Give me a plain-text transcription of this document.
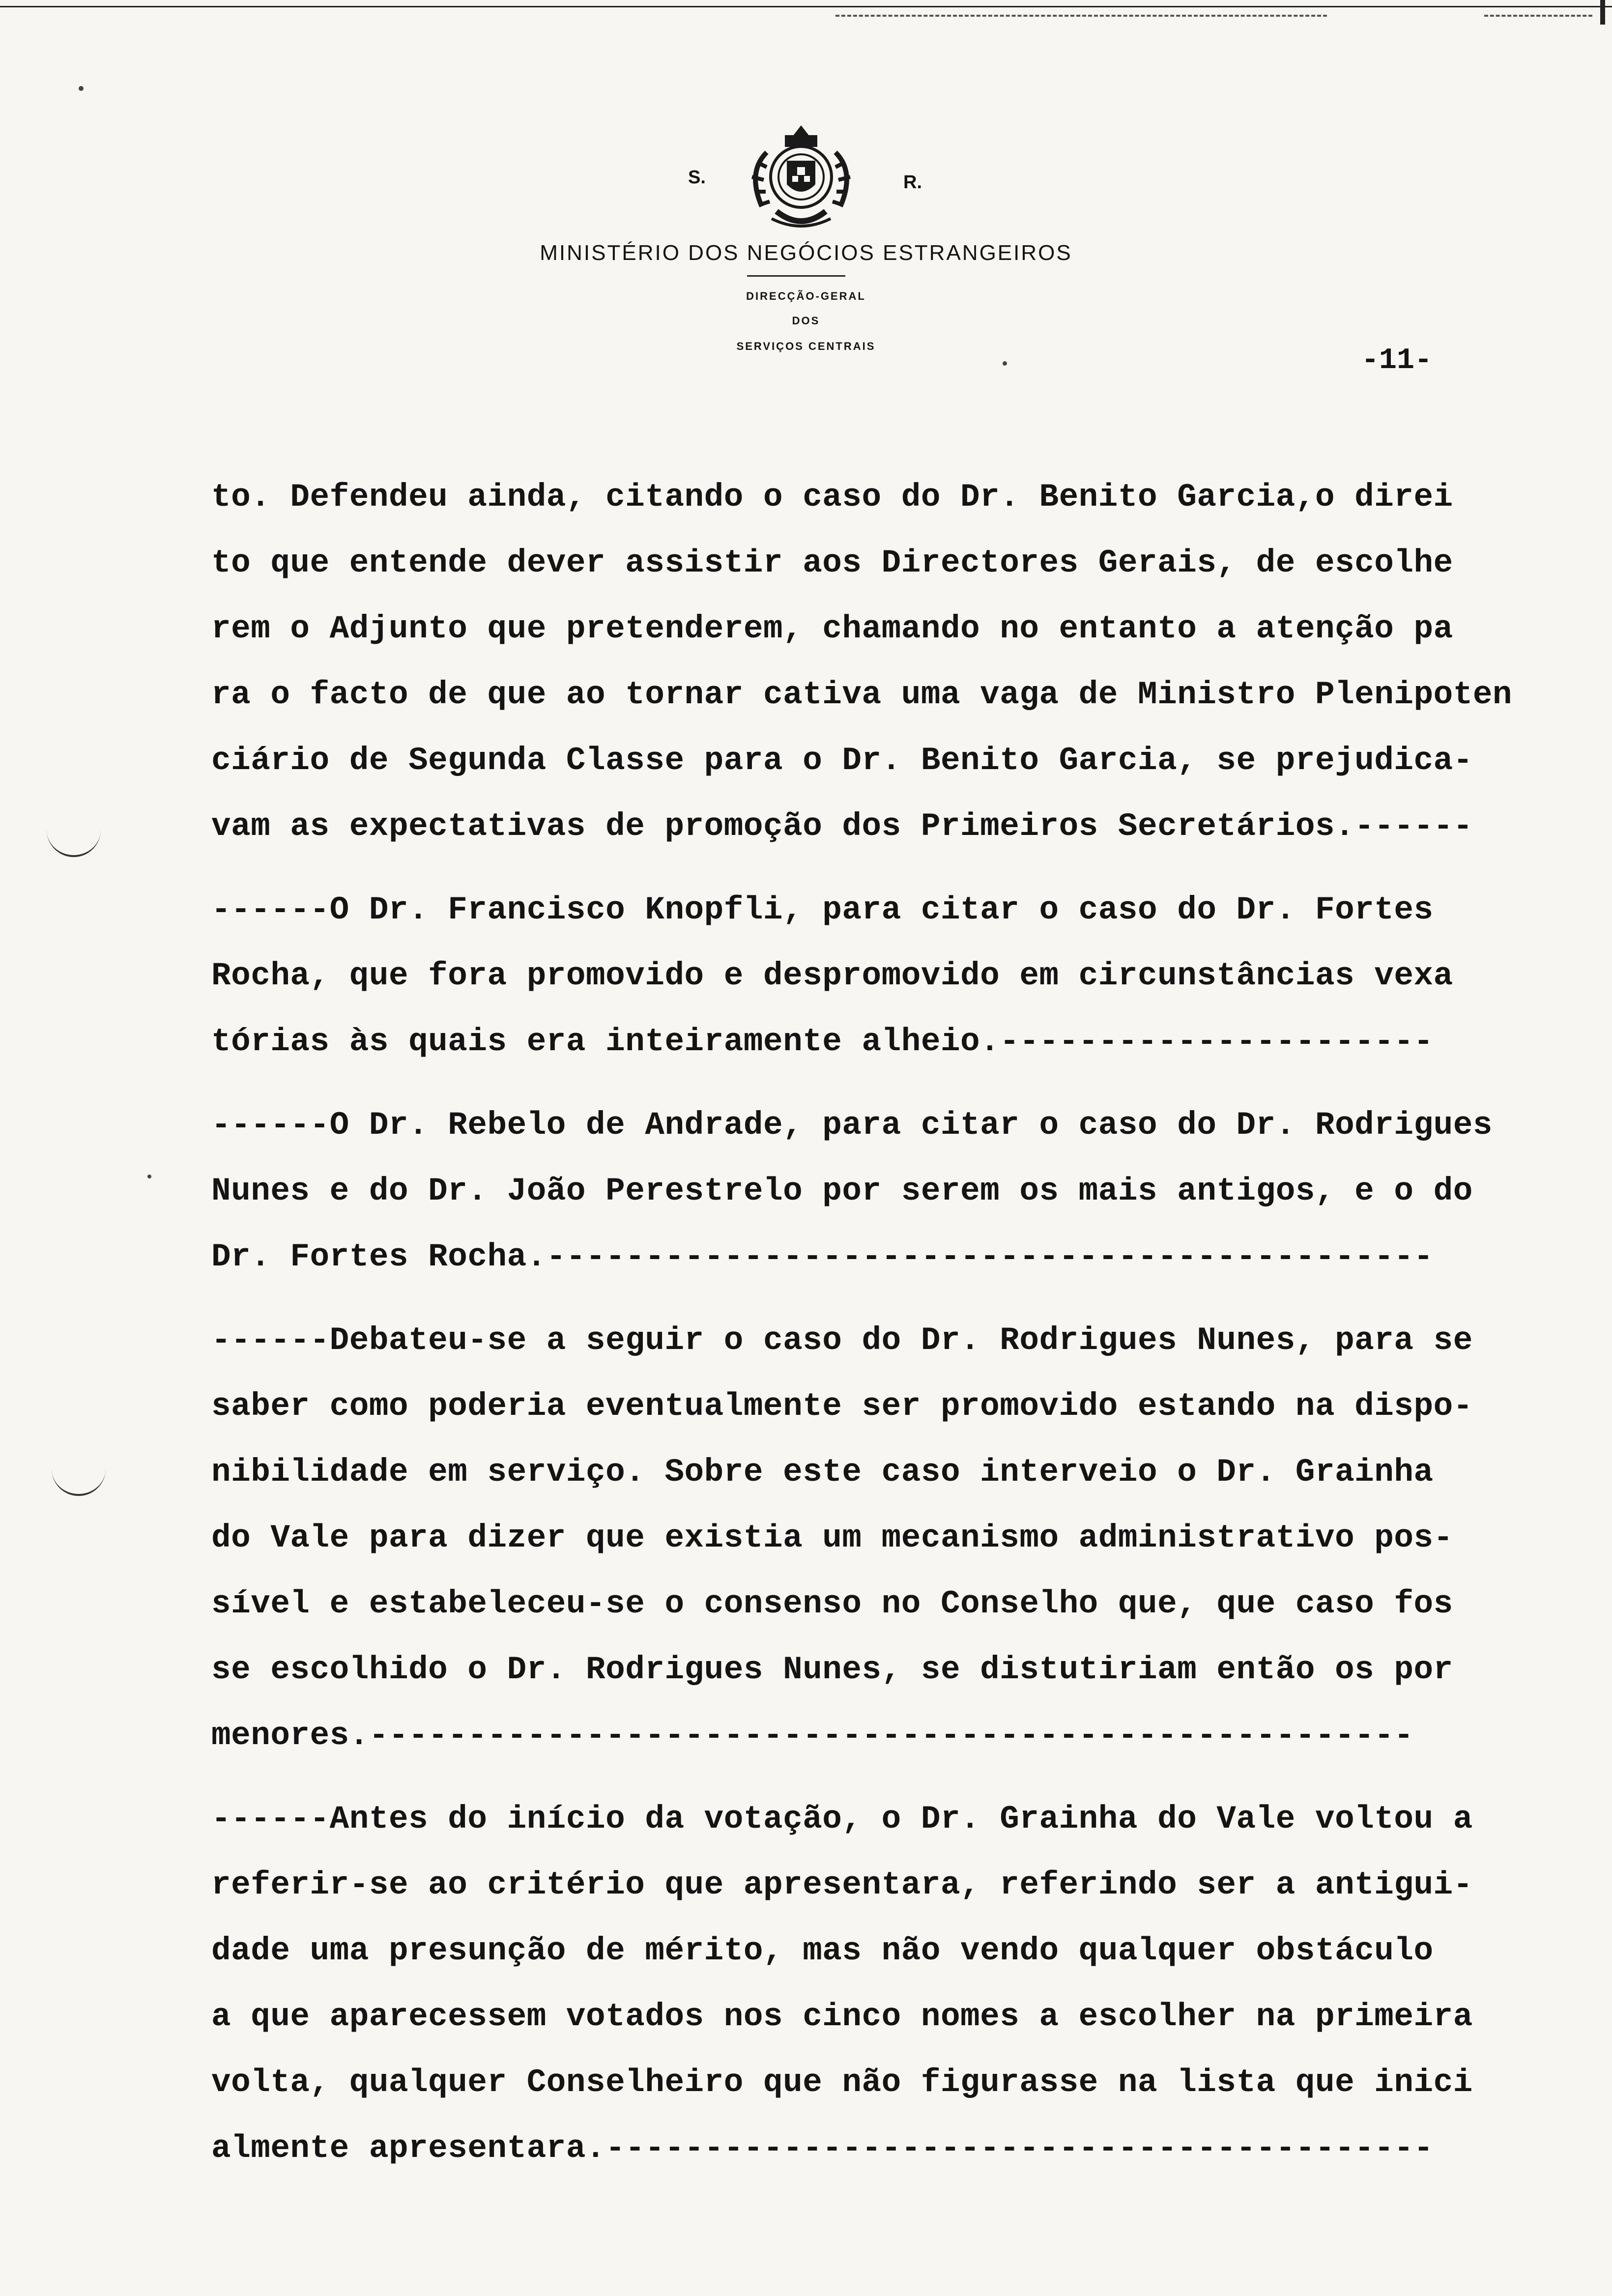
S.	R.
MINISTÉRIO DOS NEGÓCIOS ESTRANGEIROS
DIRECÇÃO-GERAL
DOS
SERVIÇOS CENTRAIS	-11-
to. Defendeu ainda, citando o caso do Dr. Benito Garcia,o direi
to que entende dever assistir aos Directores Gerais, de escolhe
rem o Adjunto que pretenderem, chamando no entanto a atenção pa
ra o facto de que ao tornar cativa uma vaga de Ministro Plenipoten
ciário de Segunda Classe para o Dr. Benito Garcia, se prejudica-
vam as expectativas de promoção dos Primeiros Secretários.------
------O Dr. Francisco Knopfli, para citar o caso do Dr. Fortes
Rocha, que fora promovido e despromovido em circunstâncias vexa
tórias às quais era inteiramente alheio.----------------------
------O Dr. Rebelo de Andrade, para citar o caso do Dr. Rodrigues
Nunes e do Dr. João Perestrelo por serem os mais antigos, e o do
Dr. Fortes Rocha.---------------------------------------------
------Debateu-se a seguir o caso do Dr. Rodrigues Nunes, para se
saber como poderia eventualmente ser promovido estando na dispo-
nibilidade em serviço. Sobre este caso interveio o Dr. Grainha
do Vale para dizer que existia um mecanismo administrativo pos-
sível e estabeleceu-se o consenso no Conselho que, que caso fos
se escolhido o Dr. Rodrigues Nunes, se distutiriam então os por
menores.-----------------------------------------------------
------Antes do início da votação, o Dr. Grainha do Vale voltou a
referir-se ao critério que apresentara, referindo ser a antigui-
dade uma presunção de mérito, mas não vendo qualquer obstáculo
a que aparecessem votados nos cinco nomes a escolher na primeira
volta, qualquer Conselheiro que não figurasse na lista que inici
almente apresentara.------------------------------------------
